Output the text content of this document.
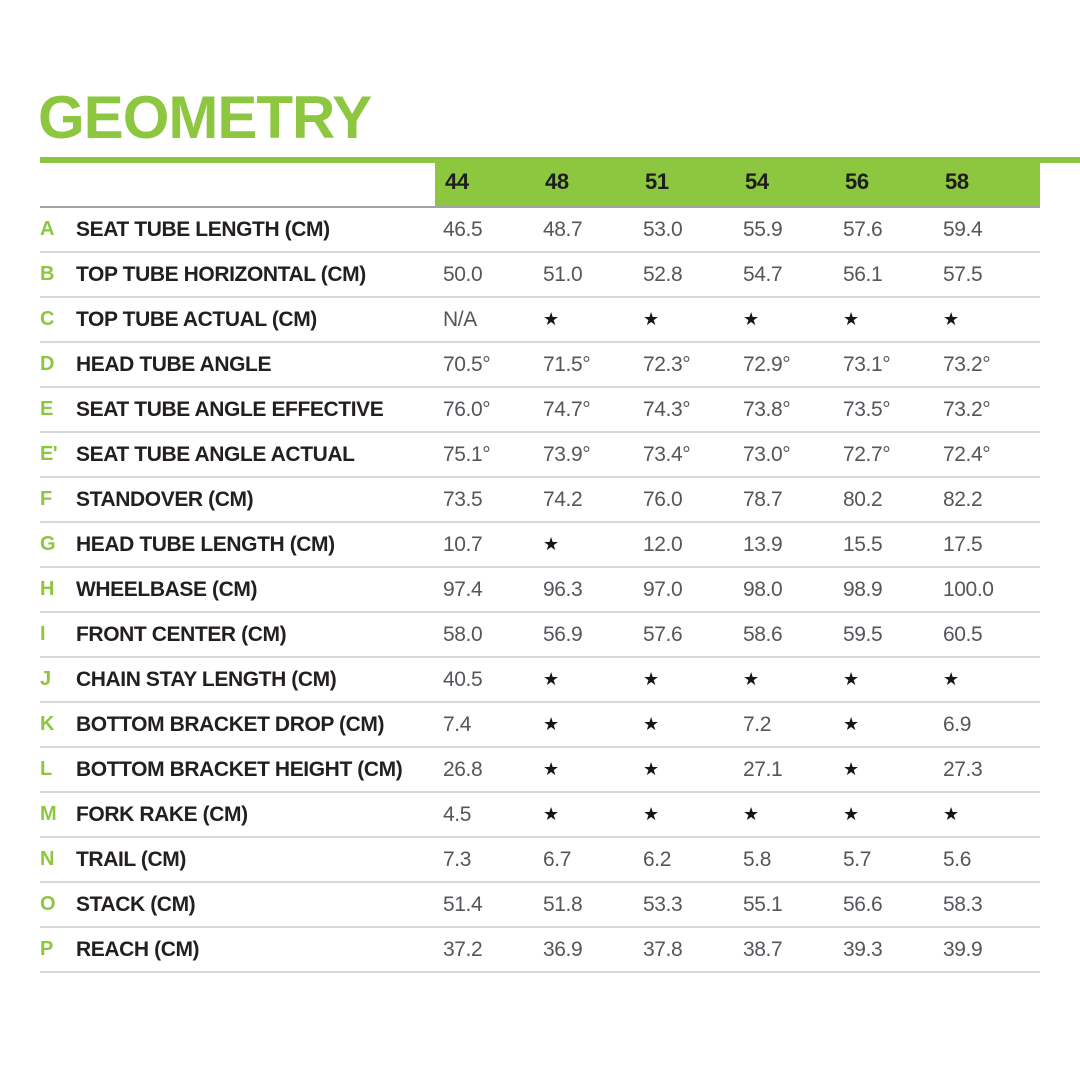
GEOMETRY
44	48	51	54	56	58
A	SEAT TUBE LENGTH (CM)	46.5	48.7	53.0	55.9	57.6	59.4
B	TOP TUBE HORIZONTAL (CM)	50.0	51.0	52.8	54.7	56.1	57.5
C	TOP TUBE ACTUAL (CM)	N/A	★	★	★	★	★
D	HEAD TUBE ANGLE	70.5°	71.5°	72.3°	72.9°	73.1°	73.2°
E	SEAT TUBE ANGLE EFFECTIVE	76.0°	74.7°	74.3°	73.8°	73.5°	73.2°
E' SEAT TUBE ANGLE ACTUAL	75.1°	73.9°	73.4°	73.0°	72.7°	72.4°
F	STANDOVER (CM)	73.5	74.2	76.0	78.7	80.2	82.2
G HEAD TUBE LENGTH (CM)	10.7	★	12.0	13.9	15.5	17.5
H	WHEELBASE (CM)	97.4	96.3	97.0	98.0	98.9	100.0
I	FRONT CENTER (CM)	58.0	56.9	57.6	58.6	59.5	60.5
J	CHAIN STAY LENGTH (CM)	40.5	★	★	★	★	★
K	BOTTOM BRACKET DROP (CM)	7.4	★	★	7.2	★	6.9
L	BOTTOM BRACKET HEIGHT (CM) 26.8	★	★	27.1	★	27.3
M FORK RAKE (CM)	4.5	★	★	★	★	★
N	TRAIL (CM)	7.3	6.7	6.2	5.8	5.7	5.6
O STACK (CM)	51.4	51.8	53.3	55.1	56.6	58.3
P	REACH (CM)	37.2	36.9	37.8	38.7	39.3	39.9
